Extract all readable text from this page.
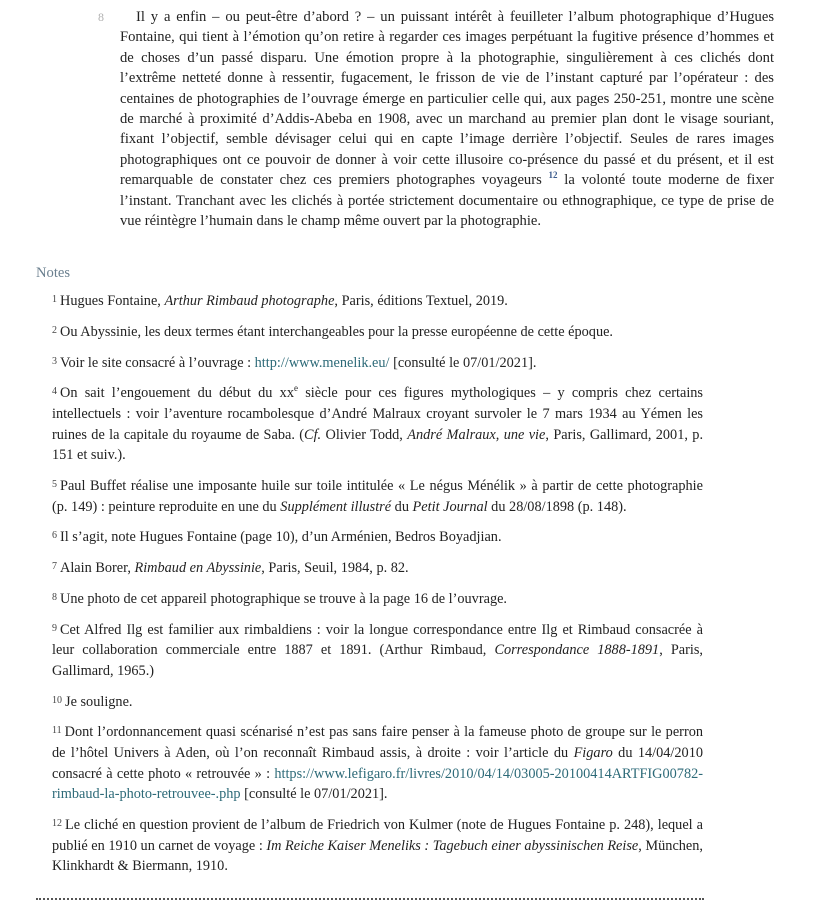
8	Il y a enfin – ou peut-être d’abord ? – un puissant intérêt à feuilleter l’album photographique d’Hugues Fontaine, qui tient à l’émotion qu’on retire à regarder ces images perpétuant la fugitive présence d’hommes et de choses d’un passé disparu. Une émotion propre à la photographie, singulièrement à ces clichés dont l’extrême netteté donne à ressentir, fugacement, le frisson de vie de l’instant capturé par l’opérateur : des centaines de photographies de l’ouvrage émerge en particulier celle qui, aux pages 250-251, montre une scène de marché à proximité d’Addis-Abeba en 1908, avec un marchand au premier plan dont le visage souriant, fixant l’objectif, semble dévisager celui qui en capte l’image derrière l’objectif. Seules de rares images photographiques ont ce pouvoir de donner à voir cette illusoire co-présence du passé et du présent, et il est remarquable de constater chez ces premiers photographes voyageurs $^{12}$ la volonté toute moderne de fixer l’instant. Tranchant avec les clichés à portée strictement documentaire ou ethnographique, ce type de prise de vue réintègre l’humain dans le champ même ouvert par la photographie.

Notes

$^1$ Hugues Fontaine, Arthur Rimbaud photographe, Paris, éditions Textuel, 2019.

$^2$ Ou Abyssinie, les deux termes étant interchangeables pour la presse européenne de cette époque.

$^3$ Voir le site consacré à l’ouvrage : http://www.menelik.eu/ [consulté le 07/01/2021].

$^4$ On sait l’engouement du début du $xx^e$ siècle pour ces figures mythologiques – y compris chez certains intellectuels : voir l’aventure rocambolesque d’André Malraux croyant survoler le 7 mars 1934 au Yémen les ruines de la capitale du royaume de Saba. (Cf. Olivier Todd, André Malraux, une vie, Paris, Gallimard, 2001, p. 151 et suiv.).

$^5$ Paul Buffet réalise une imposante huile sur toile intitulée « Le négus Ménélik » à partir de cette photographie (p. 149) : peinture reproduite en une du Supplément illustré du Petit Journal du 28/08/1898 (p. 148).

$^6$ Il s’agit, note Hugues Fontaine (page 10), d’un Arménien, Bedros Boyadjian.

$^7$ Alain Borer, Rimbaud en Abyssinie, Paris, Seuil, 1984, p. 82.

$^8$ Une photo de cet appareil photographique se trouve à la page 16 de l’ouvrage.

$^9$ Cet Alfred Ilg est familier aux rimbaldiens : voir la longue correspondance entre Ilg et Rimbaud consacrée à leur collaboration commerciale entre 1887 et 1891. (Arthur Rimbaud, Correspondance 1888-1891, Paris, Gallimard, 1965.)

$^{10}$ Je souligne.

$^{11}$ Dont l’ordonnancement quasi scénarisé n’est pas sans faire penser à la fameuse photo de groupe sur le perron de l’hôtel Univers à Aden, où l’on reconnaît Rimbaud assis, à droite : voir l’article du Figaro du 14/04/2010 consacré à cette photo « retrouvée » : https://www.lefigaro.fr/livres/2010/04/14/03005-20100414ARTFIG00782-rimbaud-la-photo-retrouvee-.php [consulté le 07/01/2021].

$^{12}$ Le cliché en question provient de l’album de Friedrich von Kulmer (note de Hugues Fontaine p. 248), lequel a publié en 1910 un carnet de voyage : Im Reiche Kaiser Meneliks : Tagebuch einer abyssinischen Reise, München, Klinkhardt & Biermann, 1910.
